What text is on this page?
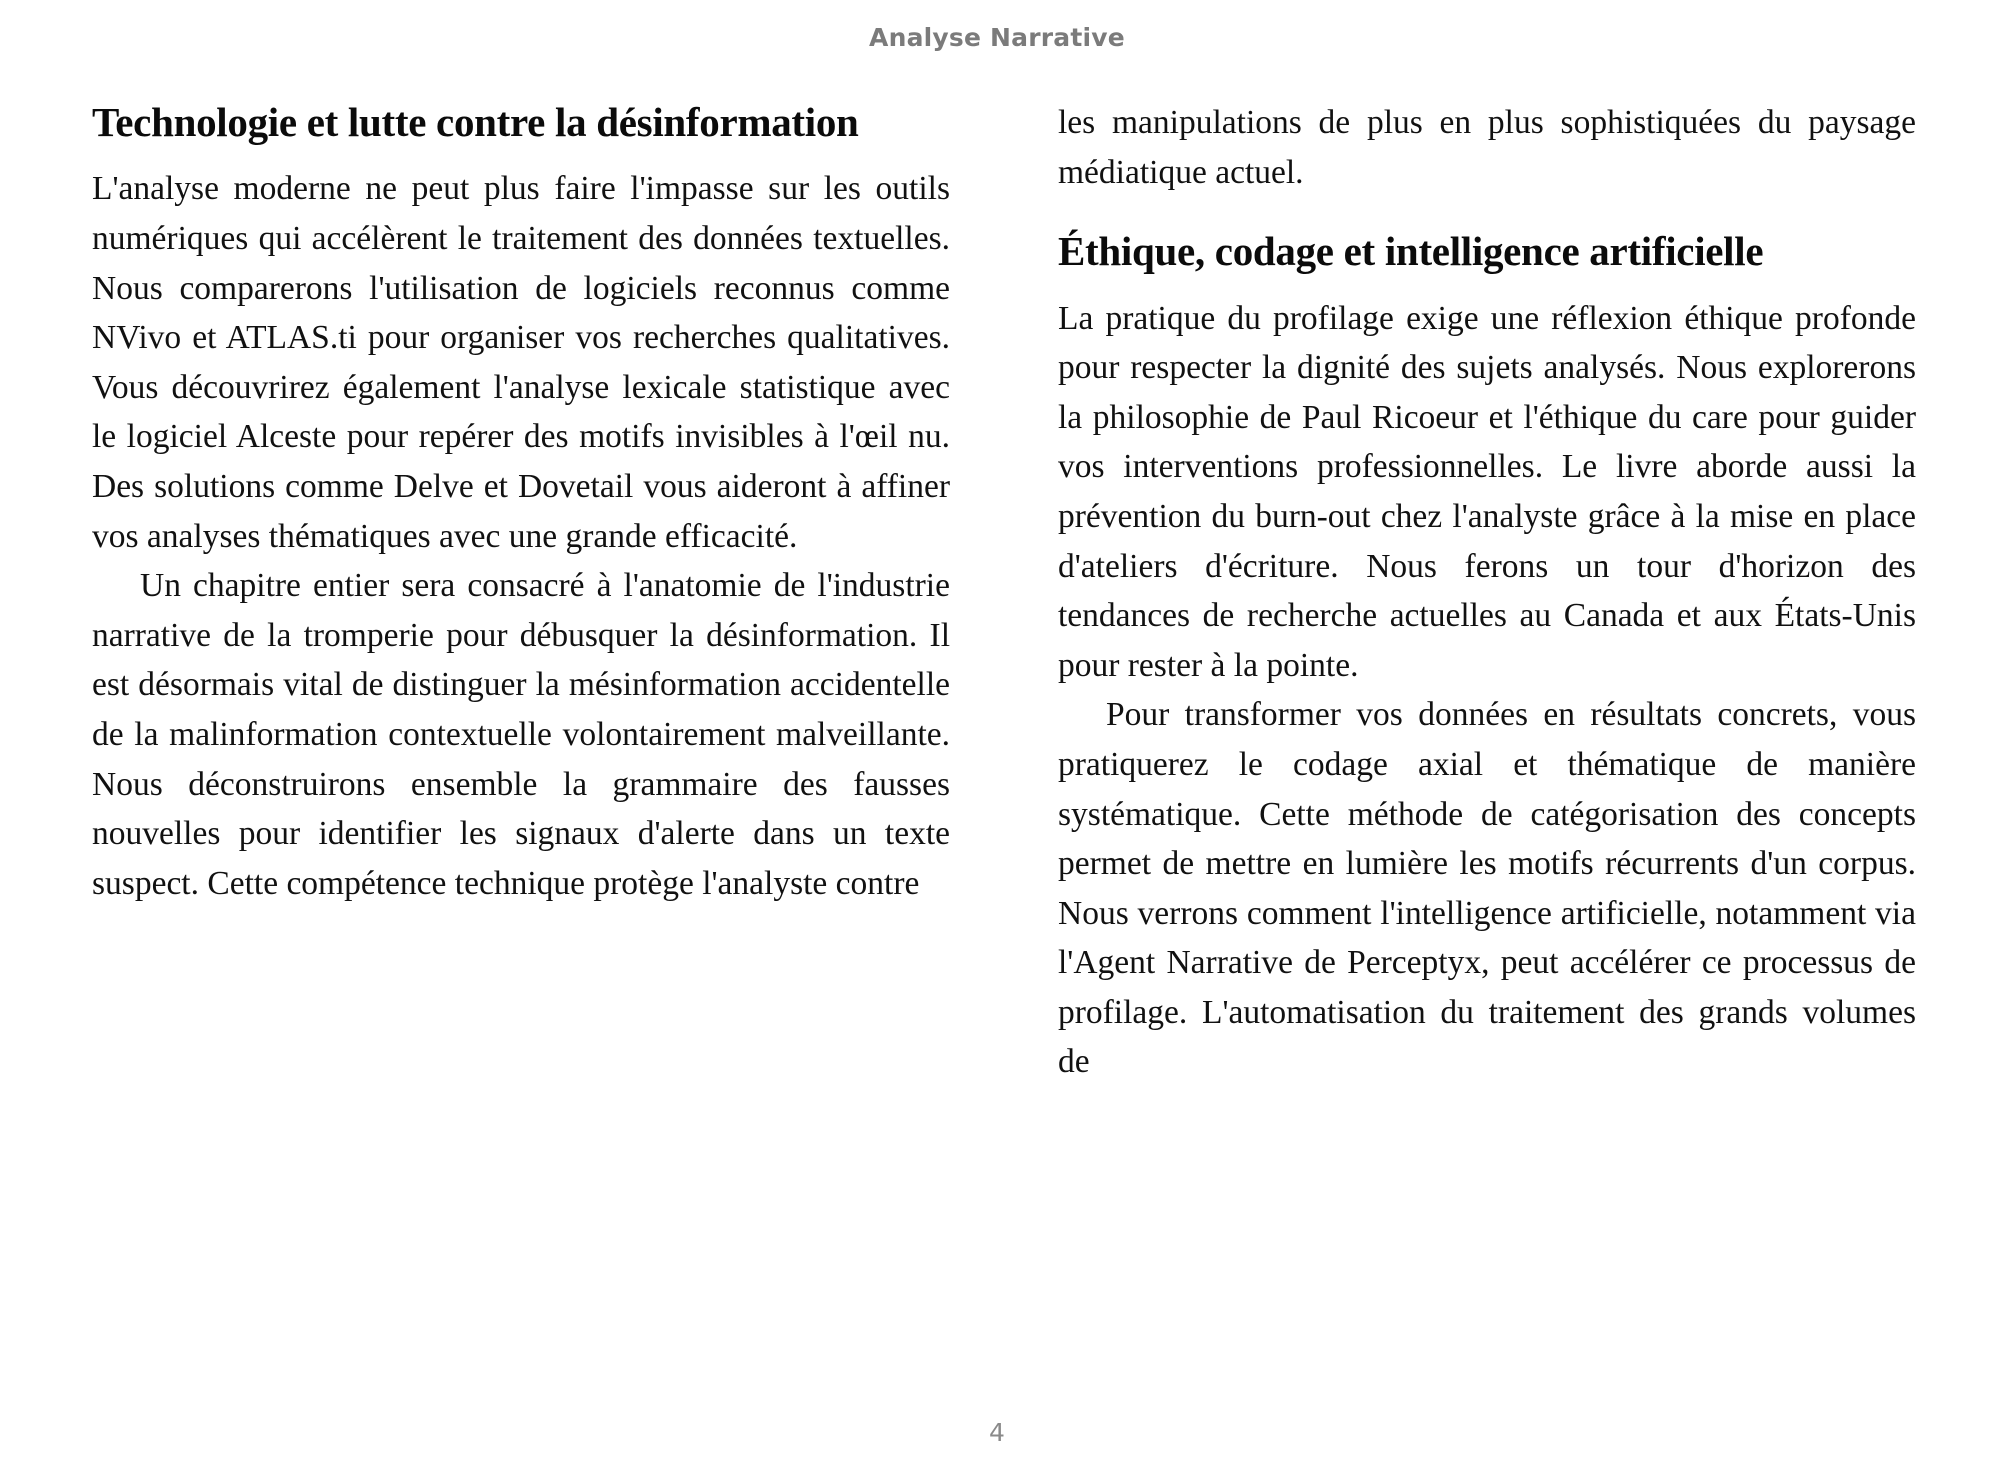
Analyse Narrative
Technologie et lutte contre la désinformation

L'analyse moderne ne peut plus faire l'impasse sur les outils numériques qui accélèrent le traitement des données textuelles. Nous comparerons l'utilisation de logiciels reconnus comme NVivo et ATLAS.ti pour organiser vos recherches qualitatives. Vous découvrirez également l'analyse lexicale statistique avec le logiciel Alceste pour repérer des motifs invisibles à l'œil nu. Des solutions comme Delve et Dovetail vous aideront à affiner vos analyses thématiques avec une grande efficacité.

Un chapitre entier sera consacré à l'anatomie de l'industrie narrative de la tromperie pour débusquer la désinformation. Il est désormais vital de distinguer la mésinformation accidentelle de la malinformation contextuelle volontairement malveillante. Nous déconstruirons ensemble la grammaire des fausses nouvelles pour identifier les signaux d'alerte dans un texte suspect. Cette compétence technique protège l'analyste contre

les manipulations de plus en plus sophistiquées du paysage médiatique actuel.

Éthique, codage et intelligence artificielle

La pratique du profilage exige une réflexion éthique profonde pour respecter la dignité des sujets analysés. Nous explorerons la philosophie de Paul Ricoeur et l'éthique du care pour guider vos interventions professionnelles. Le livre aborde aussi la prévention du burn-out chez l'analyste grâce à la mise en place d'ateliers d'écriture. Nous ferons un tour d'horizon des tendances de recherche actuelles au Canada et aux États-Unis pour rester à la pointe.

Pour transformer vos données en résultats concrets, vous pratiquerez le codage axial et thématique de manière systématique. Cette méthode de catégorisation des concepts permet de mettre en lumière les motifs récurrents d'un corpus. Nous verrons comment l'intelligence artificielle, notamment via l'Agent Narrative de Perceptyx, peut accélérer ce processus de profilage. L'automatisation du traitement des grands volumes de

4
